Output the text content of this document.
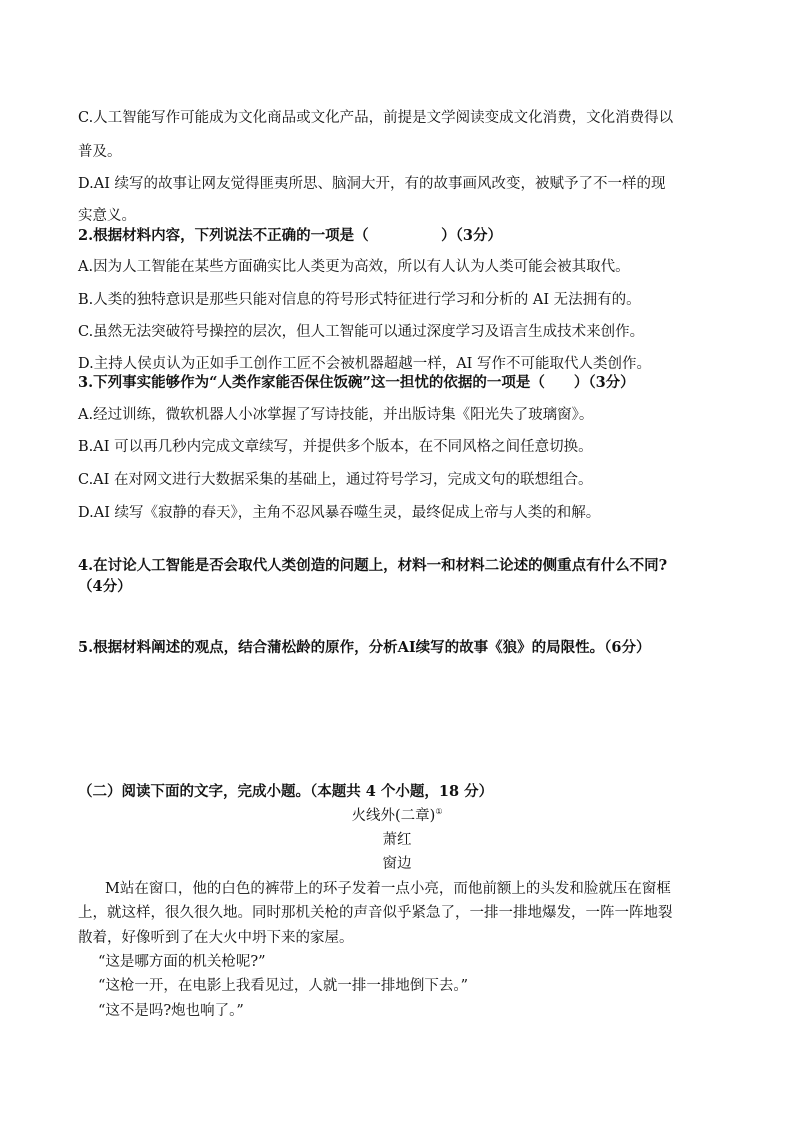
C.人工智能写作可能成为文化商品或文化产品，前提是文学阅读变成文化消费，文化消费得以
普及。
D.AI 续写的故事让网友觉得匪夷所思、脑洞大开，有的故事画风改变，被赋予了不一样的现
实意义。
2.根据材料内容，下列说法不正确的一项是（　　　　　）（3分）
A.因为人工智能在某些方面确实比人类更为高效，所以有人认为人类可能会被其取代。
B.人类的独特意识是那些只能对信息的符号形式特征进行学习和分析的 AI 无法拥有的。
C.虽然无法突破符号操控的层次，但人工智能可以通过深度学习及语言生成技术来创作。
D.主持人侯贞认为正如手工创作工匠不会被机器超越一样，AI 写作不可能取代人类创作。
3.下列事实能够作为“人类作家能否保住饭碗”这一担忧的依据的一项是（　　）（3分）
A.经过训练，微软机器人小冰掌握了写诗技能，并出版诗集《阳光失了玻璃窗》。
B.AI 可以再几秒内完成文章续写，并提供多个版本，在不同风格之间任意切换。
C.AI 在对网文进行大数据采集的基础上，通过符号学习，完成文句的联想组合。
D.AI 续写《寂静的春天》，主角不忍风暴吞噬生灵，最终促成上帝与人类的和解。
4.在讨论人工智能是否会取代人类创造的问题上，材料一和材料二论述的侧重点有什么不同?
（4分）
5.根据材料阐述的观点，结合蒲松龄的原作，分析AI续写的故事《狼》的局限性。（6分）
（二）阅读下面的文字，完成小题。（本题共 4 个小题，18 分）
火线外(二章)①
萧红
窗边
M站在窗口，他的白色的裤带上的环子发着一点小亮，而他前额上的头发和脸就压在窗框
上，就这样，很久很久地。同时那机关枪的声音似乎紧急了，一排一排地爆发，一阵一阵地裂
散着，好像听到了在大火中坍下来的家屋。
“这是哪方面的机关枪呢?”
“这枪一开，在电影上我看见过，人就一排一排地倒下去。”
“这不是吗?炮也响了。”
